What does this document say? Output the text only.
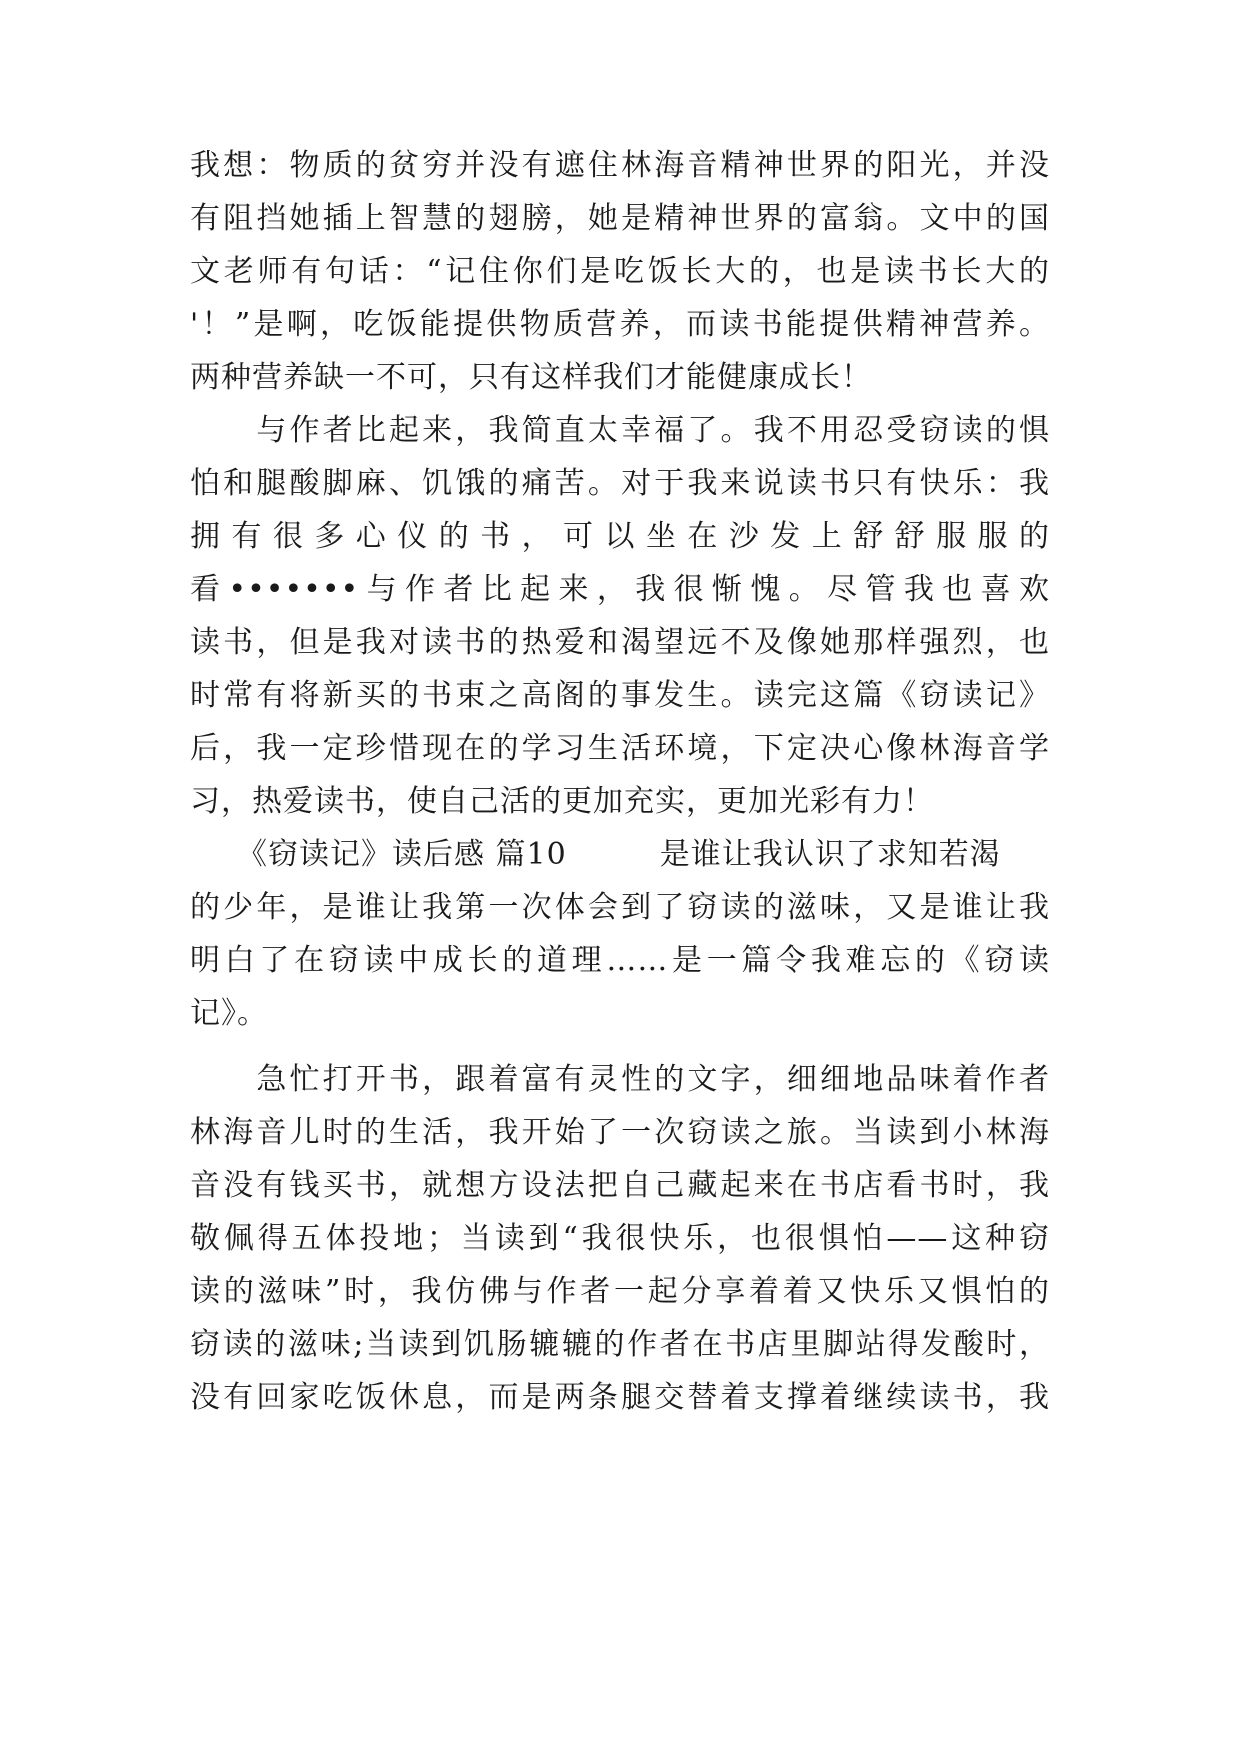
我想：物质的贫穷并没有遮住林海音精神世界的阳光，并没
有阻挡她插上智慧的翅膀，她是精神世界的富翁。文中的国
文老师有句话：“记住你们是吃饭长大的，也是读书长大的
'！”是啊，吃饭能提供物质营养，而读书能提供精神营养。
两种营养缺一不可，只有这样我们才能健康成长！
　　与作者比起来，我简直太幸福了。我不用忍受窃读的惧
怕和腿酸脚麻、饥饿的痛苦。对于我来说读书只有快乐：我
拥有很多心仪的书，可以坐在沙发上舒舒服服的
看•••••••与作者比起来，我很惭愧。尽管我也喜欢
读书，但是我对读书的热爱和渴望远不及像她那样强烈，也
时常有将新买的书束之高阁的事发生。读完这篇《窃读记》
后，我一定珍惜现在的学习生活环境，下定决心像林海音学
习，热爱读书，使自己活的更加充实，更加光彩有力！
　　《窃读记》读后感 篇10　　　是谁让我认识了求知若渴
的少年，是谁让我第一次体会到了窃读的滋味，又是谁让我
明白了在窃读中成长的道理……是一篇令我难忘的《窃读
记》。
　　急忙打开书，跟着富有灵性的文字，细细地品味着作者
林海音儿时的生活，我开始了一次窃读之旅。当读到小林海
音没有钱买书，就想方设法把自己藏起来在书店看书时，我
敬佩得五体投地；当读到“我很快乐，也很惧怕——这种窃
读的滋味”时，我仿佛与作者一起分享着着又快乐又惧怕的
窃读的滋味;当读到饥肠辘辘的作者在书店里脚站得发酸时，
没有回家吃饭休息，而是两条腿交替着支撑着继续读书，我
